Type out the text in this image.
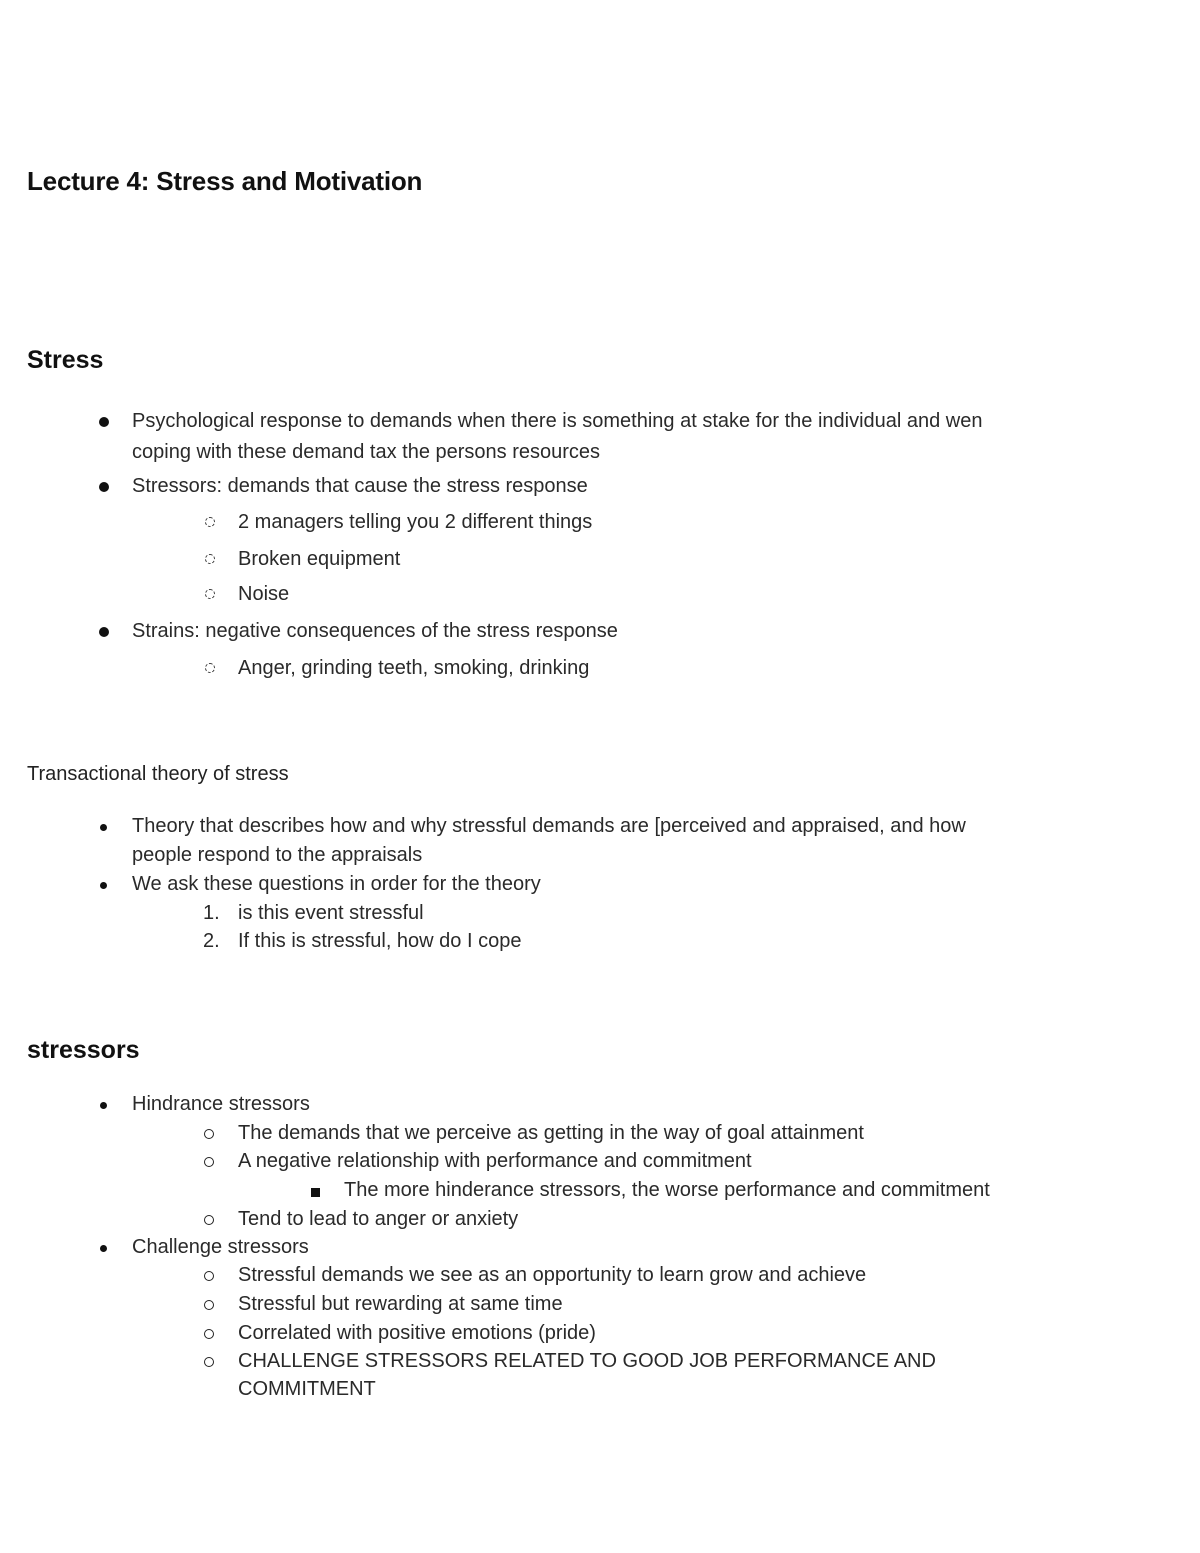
Lecture 4: Stress and Motivation
Stress
Psychological response to demands when there is something at stake for the individual and wen
coping with these demand tax the persons resources
Stressors: demands that cause the stress response
2 managers telling you 2 different things
Broken equipment
Noise
Strains: negative consequences of the stress response
Anger, grinding teeth, smoking, drinking
Transactional theory of stress
Theory that describes how and why stressful demands are [perceived and appraised, and how
people respond to the appraisals
We ask these questions in order for the theory
1. is this event stressful
2. If this is stressful, how do I cope
stressors
Hindrance stressors
The demands that we perceive as getting in the way of goal attainment
A negative relationship with performance and commitment
The more hinderance stressors, the worse performance and commitment
Tend to lead to anger or anxiety
Challenge stressors
Stressful demands we see as an opportunity to learn grow and achieve
Stressful but rewarding at same time
Correlated with positive emotions (pride)
CHALLENGE STRESSORS RELATED TO GOOD JOB PERFORMANCE AND
COMMITMENT
